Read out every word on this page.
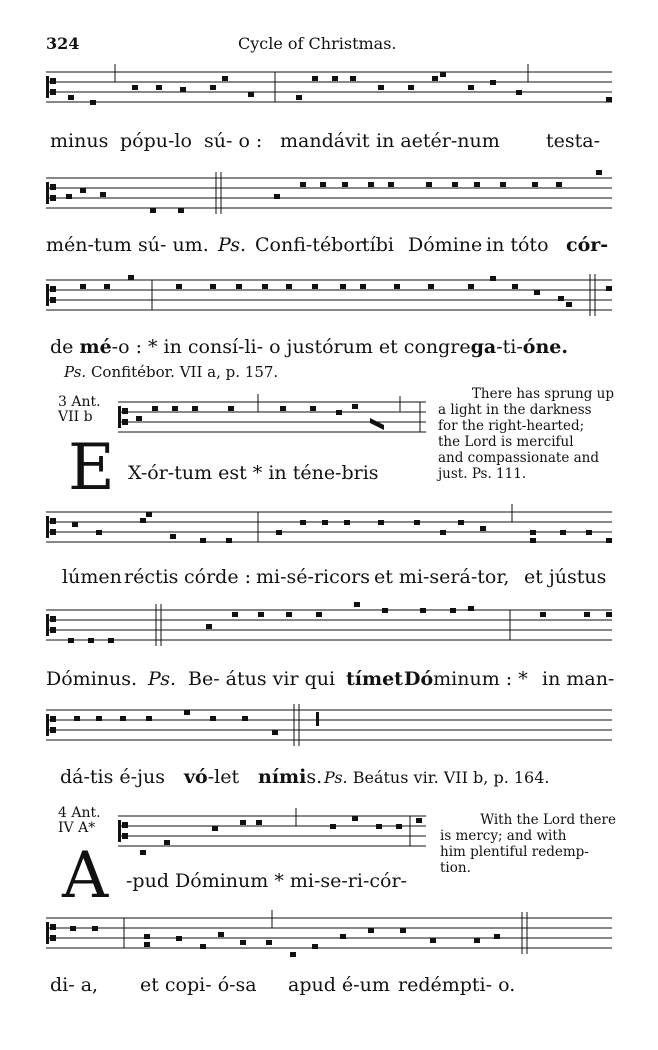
324	Cycle of Christmas.
minus pópu-lo sú- o : mandávit in aetér-num testa-
mén-tum sú- um. Ps. Confi-tébor
tíbi Dómine in tóto cór-
de mé-o : * in consí-li- o justórum et congrega-ti-óne.
Ps. Confitébor. VII a, p. 157.
3 Ant.
VII b
E X-ór-tum est * in téne-bris
There has sprung up
a light in the darkness
for the right-hearted;
the Lord is merciful
and compassionate and
just. Ps. 111.
lúmen réctis córde : mi-sé-ricors et mi-será-tor, et jústus
Dóminus. Ps. Be- átus vir qui tímet Dóminum : * in man-
dá-tis é-jus vó-let nímis. Ps. Beátus vir. VII b, p. 164.
4 Ant.
IV A*
A -pud Dóminum * mi-se-ri-cór-
With the Lord there
is mercy; and with
him plentiful redemp-
tion.
di- a, et copi- ó-sa apud é-um redémpti- o.
